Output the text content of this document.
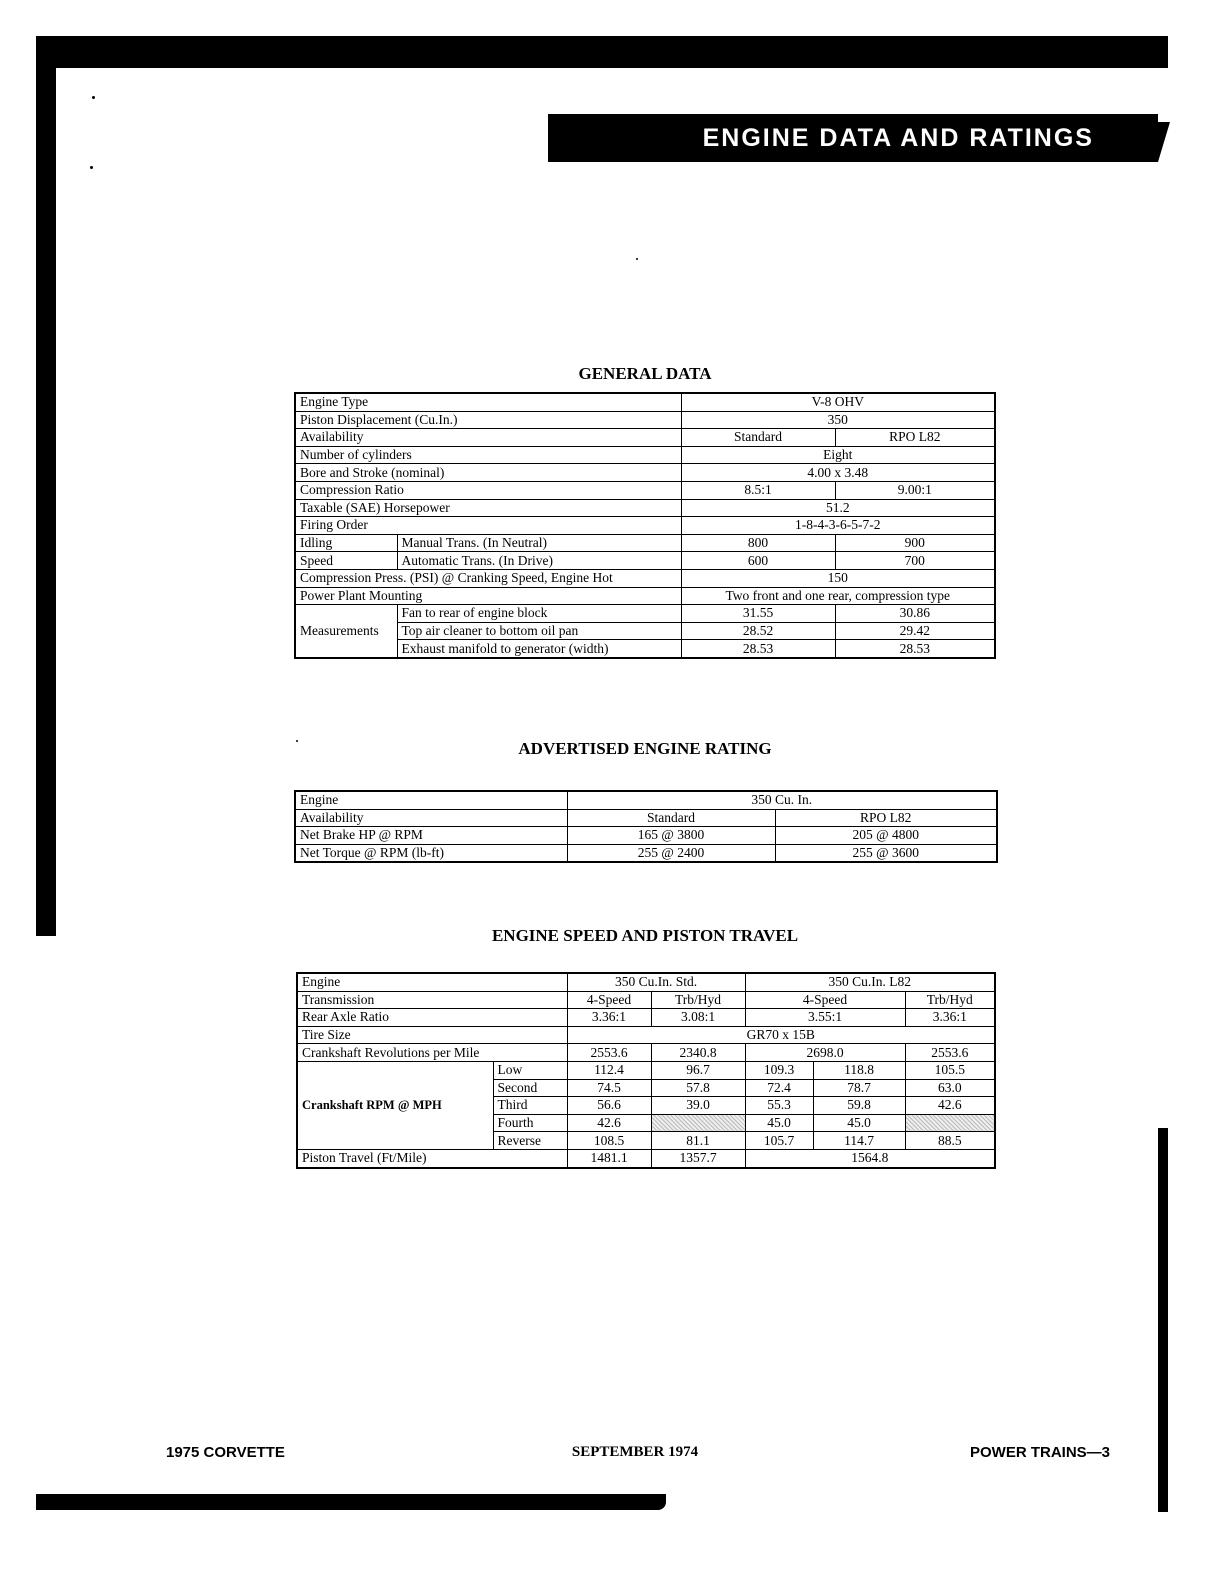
ENGINE DATA AND RATINGS
GENERAL DATA
Engine Type		V-8 OHV	
Piston Displacement (Cu.In.)		350	
Availability		Standard	RPO L82
Number of cylinders		Eight	
Bore and Stroke (nominal)		4.00 x 3.48	
Compression Ratio		8.5:1	9.00:1
Taxable (SAE) Horsepower		51.2	
Firing Order		1-8-4-3-6-5-7-2	
Idling	Manual Trans. (In Neutral)	800	900
Speed	Automatic Trans. (In Drive)	600	700
Compression Press. (PSI) @ Cranking Speed, Engine Hot		150	
Power Plant Mounting		Two front and one rear, compression type	
Measurements	Fan to rear of engine block	31.55	30.86
	Top air cleaner to bottom oil pan	28.52	29.42
	Exhaust manifold to generator (width)	28.53	28.53
ADVERTISED ENGINE RATING
Engine	350 Cu. In.	
Availability	Standard	RPO L82
Net Brake HP @ RPM	165 @ 3800	205 @ 4800
Net Torque @ RPM (lb-ft)	255 @ 2400	255 @ 3600
ENGINE SPEED AND PISTON TRAVEL
Engine		350 Cu.In. Std.		350 Cu.In. L82		
Transmission		4-Speed	Trb/Hyd	4-Speed		Trb/Hyd
Rear Axle Ratio		3.36:1	3.08:1	3.55:1		3.36:1
Tire Size		GR70 x 15B				
Crankshaft Revolutions per Mile		2553.6	2340.8	2698.0		2553.6
Crankshaft RPM @ MPH	Low	112.4	96.7	109.3	118.8	105.5
	Second	74.5	57.8	72.4	78.7	63.0
	Third	56.6	39.0	55.3	59.8	42.6
	Fourth	42.6		45.0	45.0	
	Reverse	108.5	81.1	105.7	114.7	88.5
Piston Travel (Ft/Mile)		1481.1	1357.7	1564.8		
1975 CORVETTE	SEPTEMBER 1974	POWER TRAINS—3
